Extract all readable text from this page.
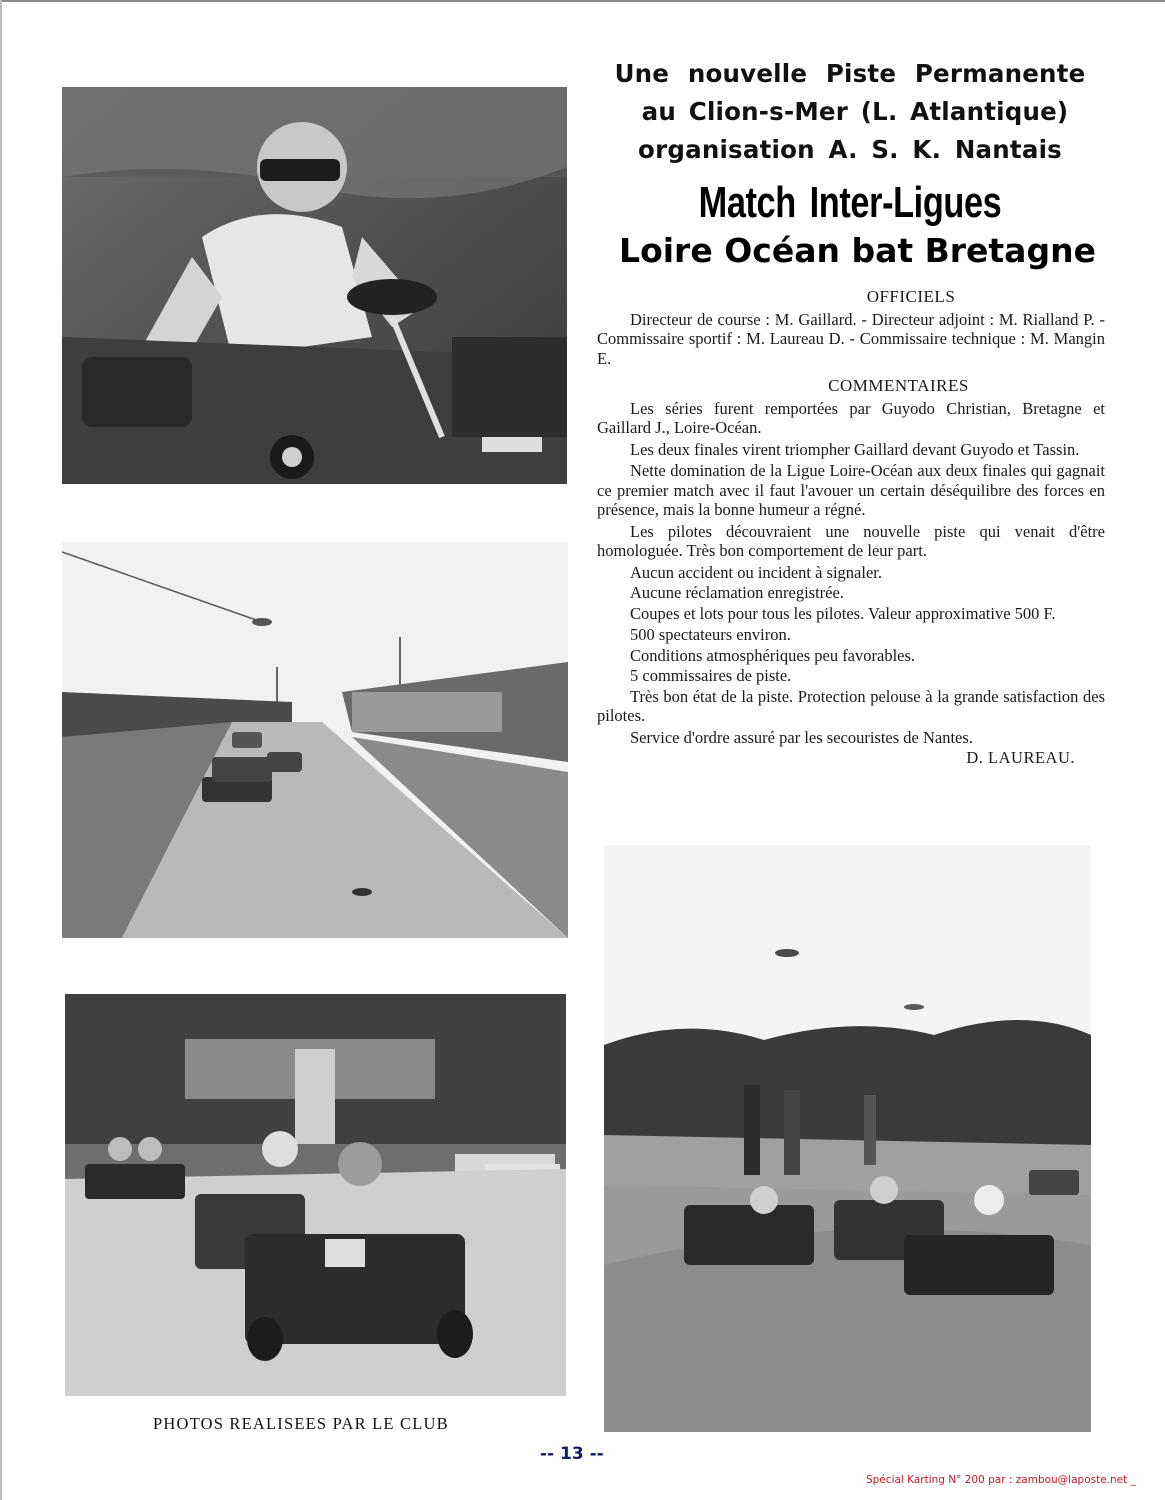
Une nouvelle Piste Permanente

au Clion-s-Mer (L. Atlantique)

organisation A. S. K. Nantais

Match Inter-Ligues

Loire Océan bat Bretagne

OFFICIELS

Directeur de course : M. Gaillard. - Directeur adjoint : M. Rialland P. - Commissaire sportif : M. Laureau D. - Commissaire technique : M. Mangin E.

COMMENTAIRES

Les séries furent remportées par Guyodo Christian, Bretagne et Gaillard J., Loire-Océan.

Les deux finales virent triompher Gaillard devant Guyodo et Tassin.

Nette domination de la Ligue Loire-Océan aux deux finales qui gagnait ce premier match avec il faut l'avouer un certain déséquilibre des forces en présence, mais la bonne humeur a régné.

Les pilotes découvraient une nouvelle piste qui venait d'être homologuée. Très bon comportement de leur part.

Aucun accident ou incident à signaler.

Aucune réclamation enregistrée.

Coupes et lots pour tous les pilotes. Valeur approximative 500 F.

500 spectateurs environ.

Conditions atmosphériques peu favorables.

5 commissaires de piste.

Très bon état de la piste. Protection pelouse à la grande satisfaction des pilotes.

Service d'ordre assuré par les secouristes de Nantes.

D. LAUREAU.

PHOTOS REALISEES PAR LE CLUB
-- 13 --
Spécial Karting N° 200 par : zambou@laposte.net _
